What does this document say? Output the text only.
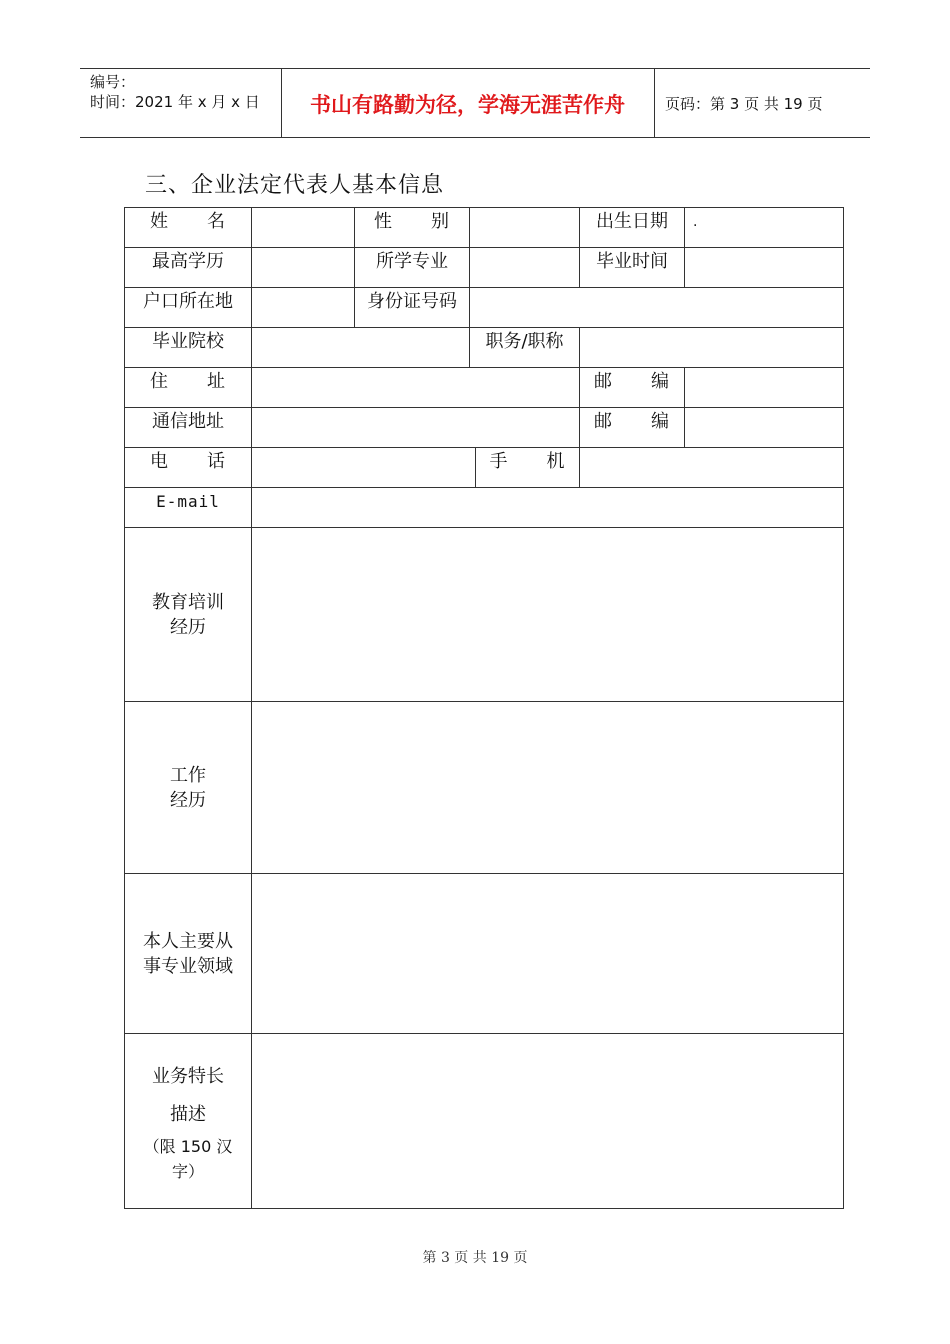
编号：
时间：2021 年 x 月 x 日	书山有路勤为径，学海无涯苦作舟	页码：第 3 页 共 19 页
三、企业法定代表人基本信息
姓　　名		性　　别			出生日期	.
最高学历		所学专业			毕业时间	
户口所在地		身份证号码				
毕业院校			职务/职称			
住　　址					邮　　编	
通信地址					邮　　编	
电　　话				手　　机		
E-mail						

教育培训
经历						

工作
经历						

本人主要从
事专业领域						

业务特长
描述
（限 150 汉
字）						

第 3 页 共 19 页
